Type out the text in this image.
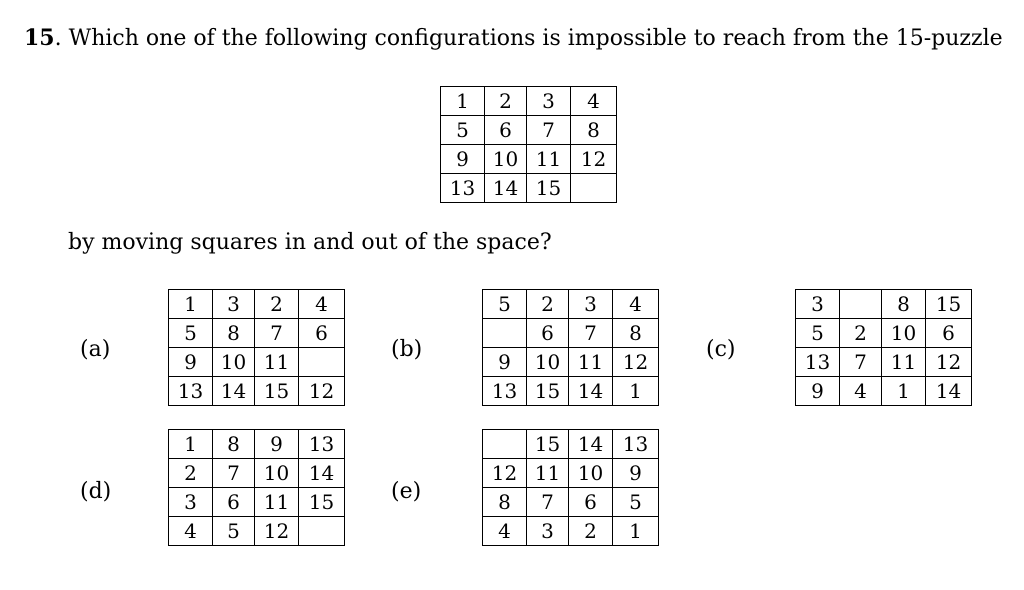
15. Which one of the following configurations is impossible to reach from the 15-puzzle
1	2	3	4
5	6	7	8
9	10	11	12
13	14	15	
by moving squares in and out of the space?
(a)
1	3	2	4
5	8	7	6
9	10	11	
13	14	15	12
(b)
5	2	3	4
	6	7	8
9	10	11	12
13	15	14	1
(c)
3		8	15
5	2	10	6
13	7	11	12
9	4	1	14
(d)
1	8	9	13
2	7	10	14
3	6	11	15
4	5	12	
(e)
	15	14	13
12	11	10	9
8	7	6	5
4	3	2	1
